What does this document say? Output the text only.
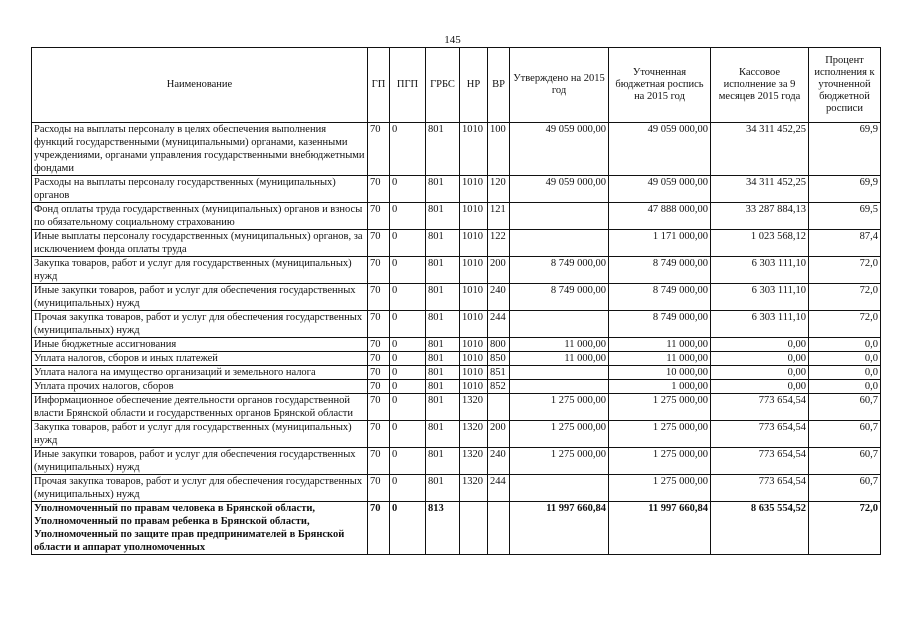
145
Наименование	ГП	ПГП	ГРБС	НР	ВР	Утверждено на 2015 год	Уточненная бюджетная роспись на 2015 год	Кассовое исполнение за 9 месяцев 2015 года	Процент исполнения к уточненной бюджетной росписи
Расходы на выплаты персоналу в целях обеспечения выполнения функций государственными (муниципальными) органами, казенными учреждениями, органами управления государственными внебюджетными фондами	70	0	801	1010	100	49 059 000,00	49 059 000,00	34 311 452,25	69,9
Расходы на выплаты персоналу государственных (муниципальных) органов	70	0	801	1010	120	49 059 000,00	49 059 000,00	34 311 452,25	69,9
Фонд оплаты труда государственных (муниципальных) органов и взносы по обязательному социальному страхованию	70	0	801	1010	121		47 888 000,00	33 287 884,13	69,5
Иные выплаты персоналу государственных (муниципальных) органов, за исключением фонда оплаты труда	70	0	801	1010	122		1 171 000,00	1 023 568,12	87,4
Закупка товаров, работ и услуг для государственных (муниципальных) нужд	70	0	801	1010	200	8 749 000,00	8 749 000,00	6 303 111,10	72,0
Иные закупки товаров, работ и услуг для обеспечения государственных (муниципальных) нужд	70	0	801	1010	240	8 749 000,00	8 749 000,00	6 303 111,10	72,0
Прочая закупка товаров, работ и услуг для обеспечения государственных (муниципальных) нужд	70	0	801	1010	244		8 749 000,00	6 303 111,10	72,0
Иные бюджетные ассигнования	70	0	801	1010	800	11 000,00	11 000,00	0,00	0,0
Уплата налогов, сборов и иных платежей	70	0	801	1010	850	11 000,00	11 000,00	0,00	0,0
Уплата налога на имущество организаций и земельного налога	70	0	801	1010	851		10 000,00	0,00	0,0
Уплата прочих налогов, сборов	70	0	801	1010	852		1 000,00	0,00	0,0
Информационное обеспечение деятельности органов государственной власти Брянской области и государственных органов Брянской области	70	0	801	1320		1 275 000,00	1 275 000,00	773 654,54	60,7
Закупка товаров, работ и услуг для государственных (муниципальных) нужд	70	0	801	1320	200	1 275 000,00	1 275 000,00	773 654,54	60,7
Иные закупки товаров, работ и услуг для обеспечения государственных (муниципальных) нужд	70	0	801	1320	240	1 275 000,00	1 275 000,00	773 654,54	60,7
Прочая закупка товаров, работ и услуг для обеспечения государственных (муниципальных) нужд	70	0	801	1320	244		1 275 000,00	773 654,54	60,7
Уполномоченный по правам человека в Брянской области, Уполномоченный по правам ребенка в Брянской области, Уполномоченный по защите прав предпринимателей в Брянской области и аппарат уполномоченных	70	0	813			11 997 660,84	11 997 660,84	8 635 554,52	72,0
